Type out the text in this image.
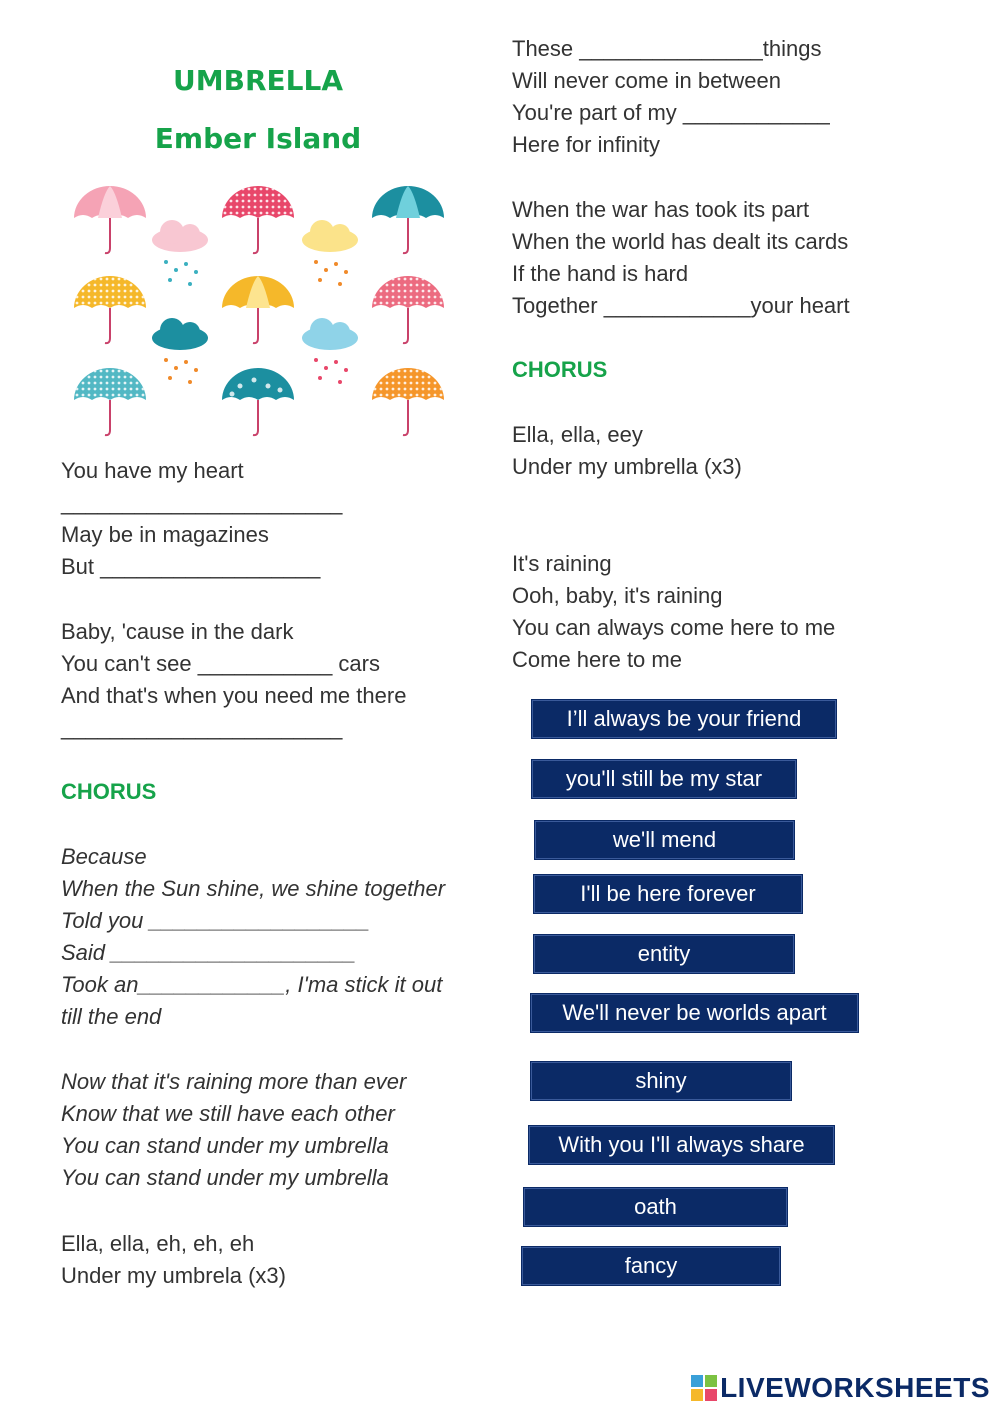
UMBRELLA
Ember Island
You have my heart
_______________________
May be in magazines
But __________________
Baby, 'cause in the dark
You can't see ___________ cars
And that's when you need me there
_______________________
CHORUS
Because
When the Sun shine, we shine together
Told you __________________
Said ____________________
Took an____________, I'ma stick it out
till the end
Now that it's raining more than ever
Know that we still have each other
You can stand under my umbrella
You can stand under my umbrella
Ella, ella, eh, eh, eh
Under my umbrela (x3)
These _______________things
Will never come in between
You're part of my ____________
Here for infinity
When the war has took its part
When the world has dealt its cards
If the hand is hard
Together ____________your heart
CHORUS
Ella, ella, eey
Under my umbrella (x3)
It's raining
Ooh, baby, it's raining
You can always come here to me
Come here to me
I’ll always be your friend
you'll still be my star
we'll mend
I'll be here forever
entity
We'll never be worlds apart
shiny
With you I'll always share
oath
fancy
LIVEWORKSHEETS
